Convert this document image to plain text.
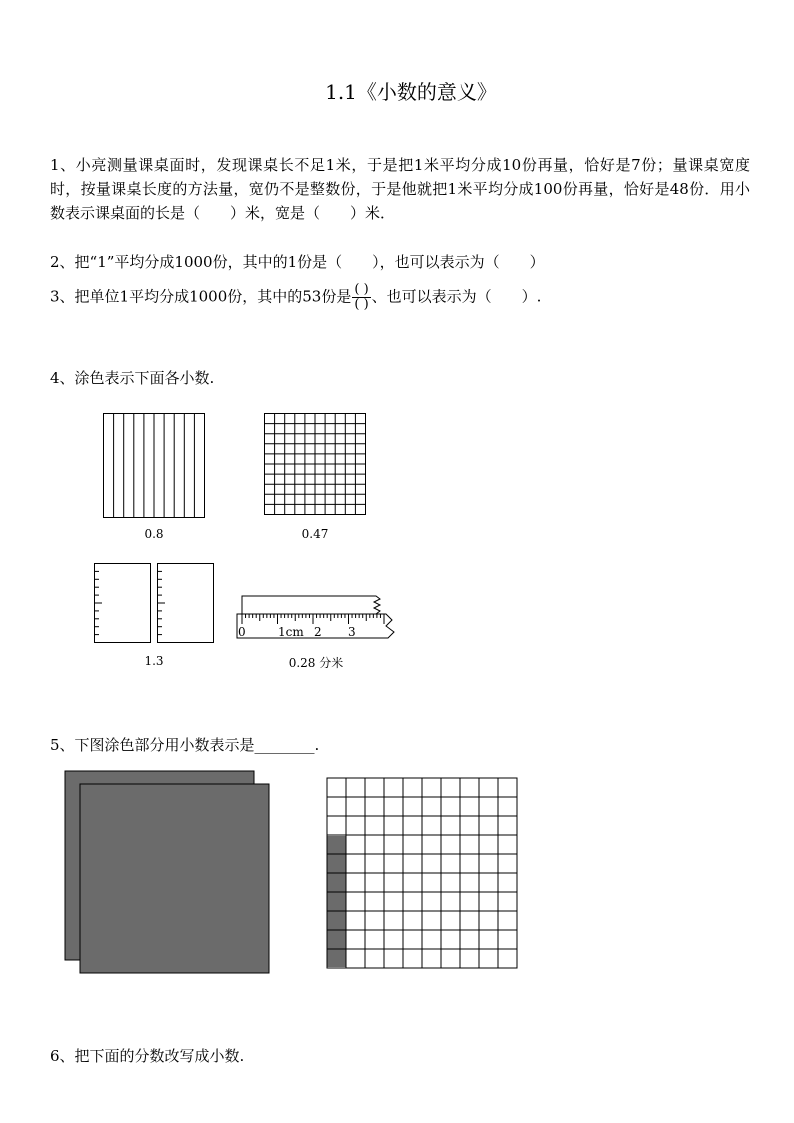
1.1《小数的意义》
1、小亮测量课桌面时，发现课桌长不足1米，于是把1米平均分成10份再量，恰好是7份；量课桌宽度时，按量课桌长度的方法量，宽仍不是整数份，于是他就把1米平均分成100份再量，恰好是48份．用小数表示课桌面的长是（　　）米，宽是（　　）米．
2、把“1”平均分成1000份，其中的1份是（　　），也可以表示为（　　）
3、把单位1平均分成1000份，其中的53份是 $\frac{( )}{( )}$ 、也可以表示为（　　）.
4、涂色表示下面各小数.
0.8	0.47
1.3
0	1cm 2 3
0.28 分米
5、下图涂色部分用小数表示是________.
6、把下面的分数改写成小数.
